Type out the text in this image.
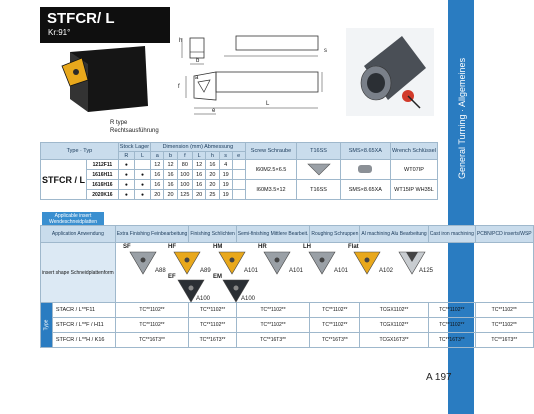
STFCR/ L
Kr:91°
R type
Rechtsausführung
h
b
f
L
a
e
s
Type · Typ		Stock Lager		Dimension (mm) Abmessung							Screw Schraube	T16SS	SMS×8.65XA	Wrench Schlüssel
		R	L	a	b	f	L	h	s	e				
STFCR / L	1212F11	●		12	12	80	12	16	4		I60M2.5×6.5			WT07IP
	1616H11	●	●	16	16	100	16	20	19					
	1616H16	●	●	16	16	100	16	20	19		I60M3.5×12	T16SS	SMS×8.65XA	WT15IP WH35L
	2020K16	●	●	20	20	125	20	25	19					
Applicable insert Wendeschneidplatten
Application Anwendung		Extra Finishing Feinbearbeitung	Finishing Schlichten	Semi-finishing Mittlere Bearbeit.	Roughing Schruppen	Al machining Alu Bearbeitung	Cast iron machining	PCBN/PCD inserts/WSP
insert shape Schneidplattenform								
Type	STACR / L**F11	TC**1102**	TC**1102**	TC**1102**	TC**1102**	TCGX1102**	TC**1102**	TC**1102**
	STFCR / L**F / H11	TC**1102**	TC**1102**	TC**1102**	TC**1102**	TCGX1102**	TC**1102**	TC**1102**
	STFCR / L**H / K16	TC**16T3**	TC**16T3**	TC**16T3**	TC**16T3**	TCGX16T3**	TC**16T3**	TC**16T3**
SF
A88
HF
A89
HM
A101
HR
A101
LH
A101
Flat
A102	A125
EF
A100
EM
A100
A 197
